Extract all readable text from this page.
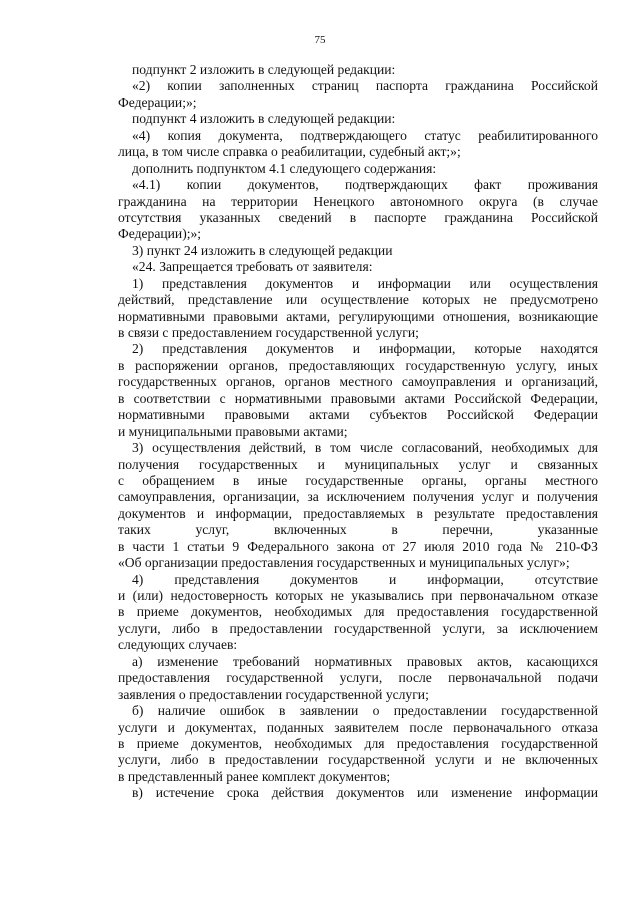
75
подпункт 2 изложить в следующей редакции:
«2) копии заполненных страниц паспорта гражданина Российской
Федерации;»;
подпункт 4 изложить в следующей редакции:
«4) копия документа, подтверждающего статус реабилитированного
лица, в том числе справка о реабилитации, судебный акт;»;
дополнить подпунктом 4.1 следующего содержания:
«4.1) копии документов, подтверждающих факт проживания
гражданина на территории Ненецкого автономного округа (в случае
отсутствия указанных сведений в паспорте гражданина Российской
Федерации);»;
3) пункт 24 изложить в следующей редакции
«24. Запрещается требовать от заявителя:
1) представления документов и информации или осуществления
действий, представление или осуществление которых не предусмотрено
нормативными правовыми актами, регулирующими отношения, возникающие
в связи с предоставлением государственной услуги;
2) представления документов и информации, которые находятся
в распоряжении органов, предоставляющих государственную услугу, иных
государственных органов, органов местного самоуправления и организаций,
в соответствии с нормативными правовыми актами Российской Федерации,
нормативными правовыми актами субъектов Российской Федерации
и муниципальными правовыми актами;
3) осуществления действий, в том числе согласований, необходимых для
получения государственных и муниципальных услуг и связанных
с обращением в иные государственные органы, органы местного
самоуправления, организации, за исключением получения услуг и получения
документов и информации, предоставляемых в результате предоставления
таких услуг, включенных в перечни, указанные
в части 1 статьи 9 Федерального закона от 27 июля 2010 года № 210-ФЗ
«Об организации предоставления государственных и муниципальных услуг»;
4) представления документов и информации, отсутствие
и (или) недостоверность которых не указывались при первоначальном отказе
в приеме документов, необходимых для предоставления государственной
услуги, либо в предоставлении государственной услуги, за исключением
следующих случаев:
а) изменение требований нормативных правовых актов, касающихся
предоставления государственной услуги, после первоначальной подачи
заявления о предоставлении государственной услуги;
б) наличие ошибок в заявлении о предоставлении государственной
услуги и документах, поданных заявителем после первоначального отказа
в приеме документов, необходимых для предоставления государственной
услуги, либо в предоставлении государственной услуги и не включенных
в представленный ранее комплект документов;
в) истечение срока действия документов или изменение информации
